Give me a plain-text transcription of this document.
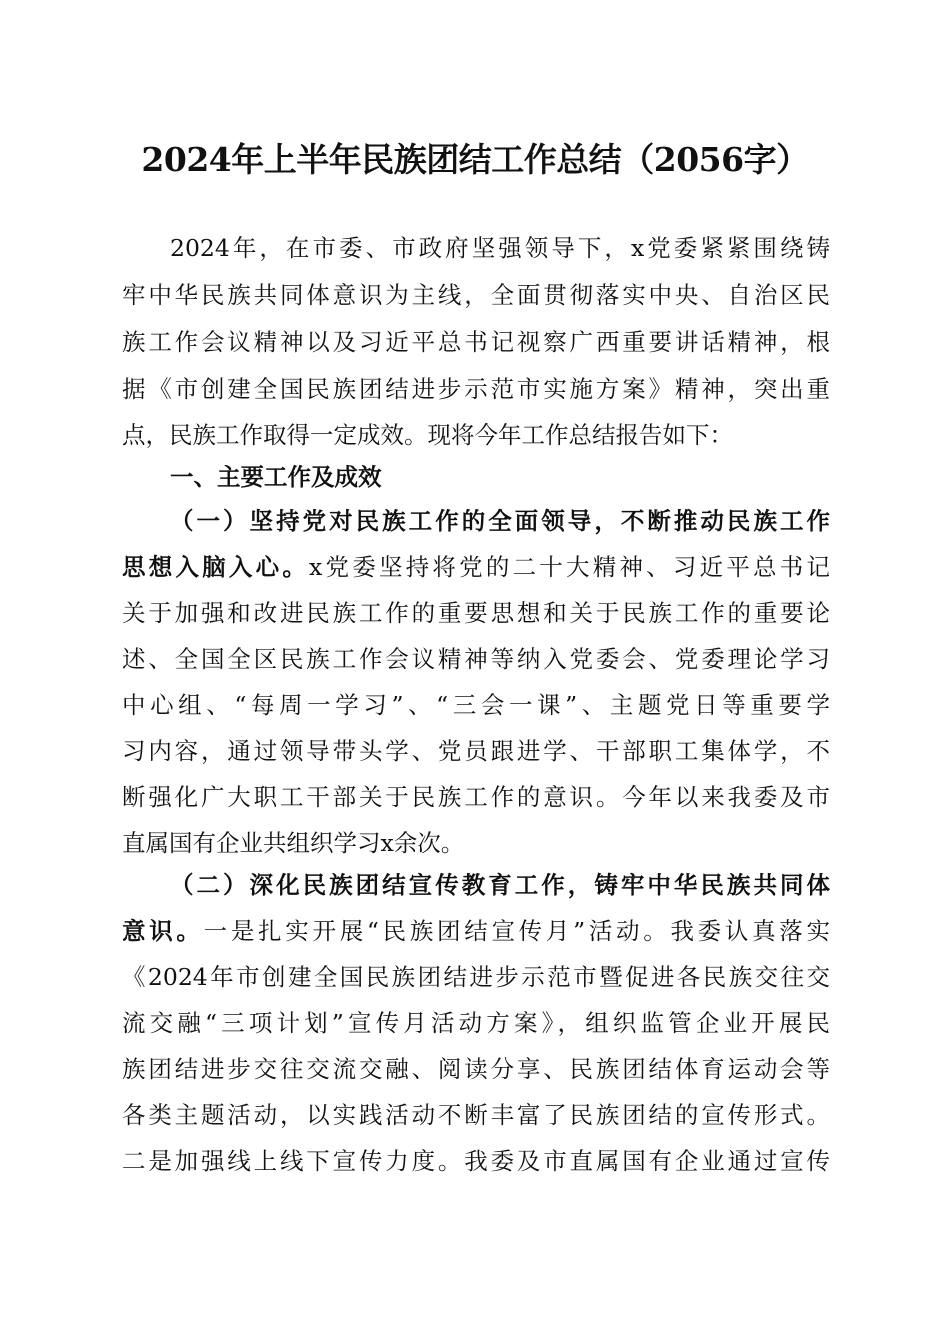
2024年上半年民族团结工作总结（2056字）

2024年，在市委、市政府坚强领导下，x党委紧紧围绕铸

牢中华民族共同体意识为主线，全面贯彻落实中央、自治区民

族工作会议精神以及习近平总书记视察广西重要讲话精神，根

据《市创建全国民族团结进步示范市实施方案》精神，突出重

点，民族工作取得一定成效。现将今年工作总结报告如下：

一、主要工作及成效

（一）坚持党对民族工作的全面领导，不断推动民族工作

思想入脑入心。x党委坚持将党的二十大精神、习近平总书记

关于加强和改进民族工作的重要思想和关于民族工作的重要论

述、全国全区民族工作会议精神等纳入党委会、党委理论学习

中心组、“每周一学习”、“三会一课”、主题党日等重要学

习内容，通过领导带头学、党员跟进学、干部职工集体学，不

断强化广大职工干部关于民族工作的意识。今年以来我委及市

直属国有企业共组织学习x余次。

（二）深化民族团结宣传教育工作，铸牢中华民族共同体

意识。一是扎实开展“民族团结宣传月”活动。我委认真落实

《2024年市创建全国民族团结进步示范市暨促进各民族交往交

流交融“三项计划”宣传月活动方案》，组织监管企业开展民

族团结进步交往交流交融、阅读分享、民族团结体育运动会等

各类主题活动，以实践活动不断丰富了民族团结的宣传形式。

二是加强线上线下宣传力度。我委及市直属国有企业通过宣传
